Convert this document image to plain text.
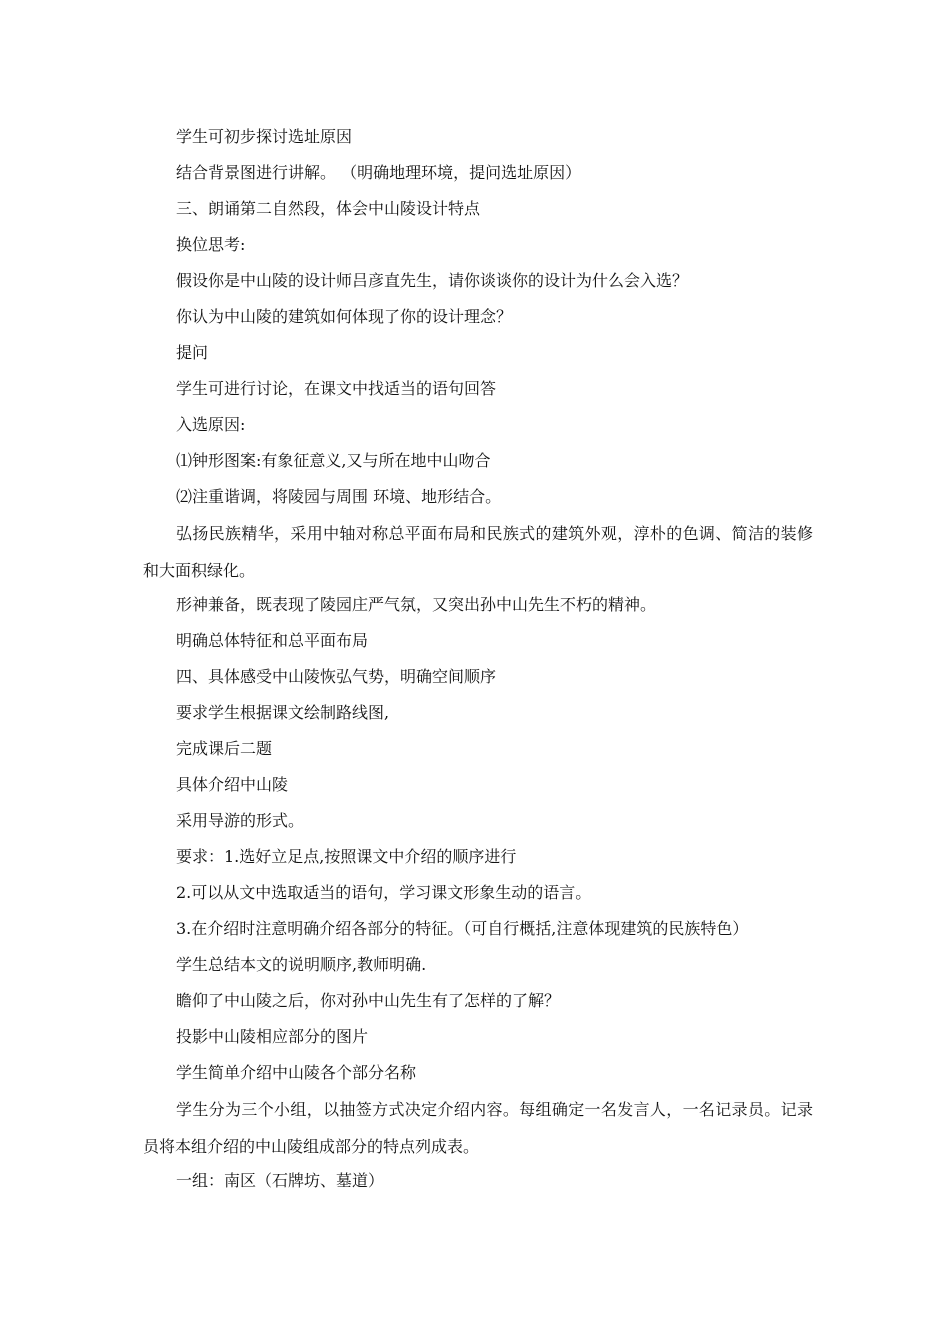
学生可初步探讨选址原因

结合背景图进行讲解。 （明确地理环境，提问选址原因）

三、朗诵第二自然段，体会中山陵设计特点

换位思考:

假设你是中山陵的设计师吕彦直先生，请你谈谈你的设计为什么会入选？

你认为中山陵的建筑如何体现了你的设计理念？

提问

学生可进行讨论，在课文中找适当的语句回答

入选原因:

⑴钟形图案:有象征意义,又与所在地中山吻合

⑵注重谐调，将陵园与周围 环境、地形结合。

弘扬民族精华，采用中轴对称总平面布局和民族式的建筑外观，淳朴的色调、简洁的装修和大面积绿化。

形神兼备，既表现了陵园庄严气氛，又突出孙中山先生不朽的精神。

明确总体特征和总平面布局

四、具体感受中山陵恢弘气势，明确空间顺序

要求学生根据课文绘制路线图,

完成课后二题

具体介绍中山陵

采用导游的形式。

要求：1.选好立足点,按照课文中介绍的顺序进行

2.可以从文中选取适当的语句，学习课文形象生动的语言。

3.在介绍时注意明确介绍各部分的特征。（可自行概括,注意体现建筑的民族特色）

学生总结本文的说明顺序,教师明确.

瞻仰了中山陵之后，你对孙中山先生有了怎样的了解？

投影中山陵相应部分的图片

学生简单介绍中山陵各个部分名称

学生分为三个小组，以抽签方式决定介绍内容。每组确定一名发言人，一名记录员。记录员将本组介绍的中山陵组成部分的特点列成表。

一组：南区（石牌坊、墓道）
